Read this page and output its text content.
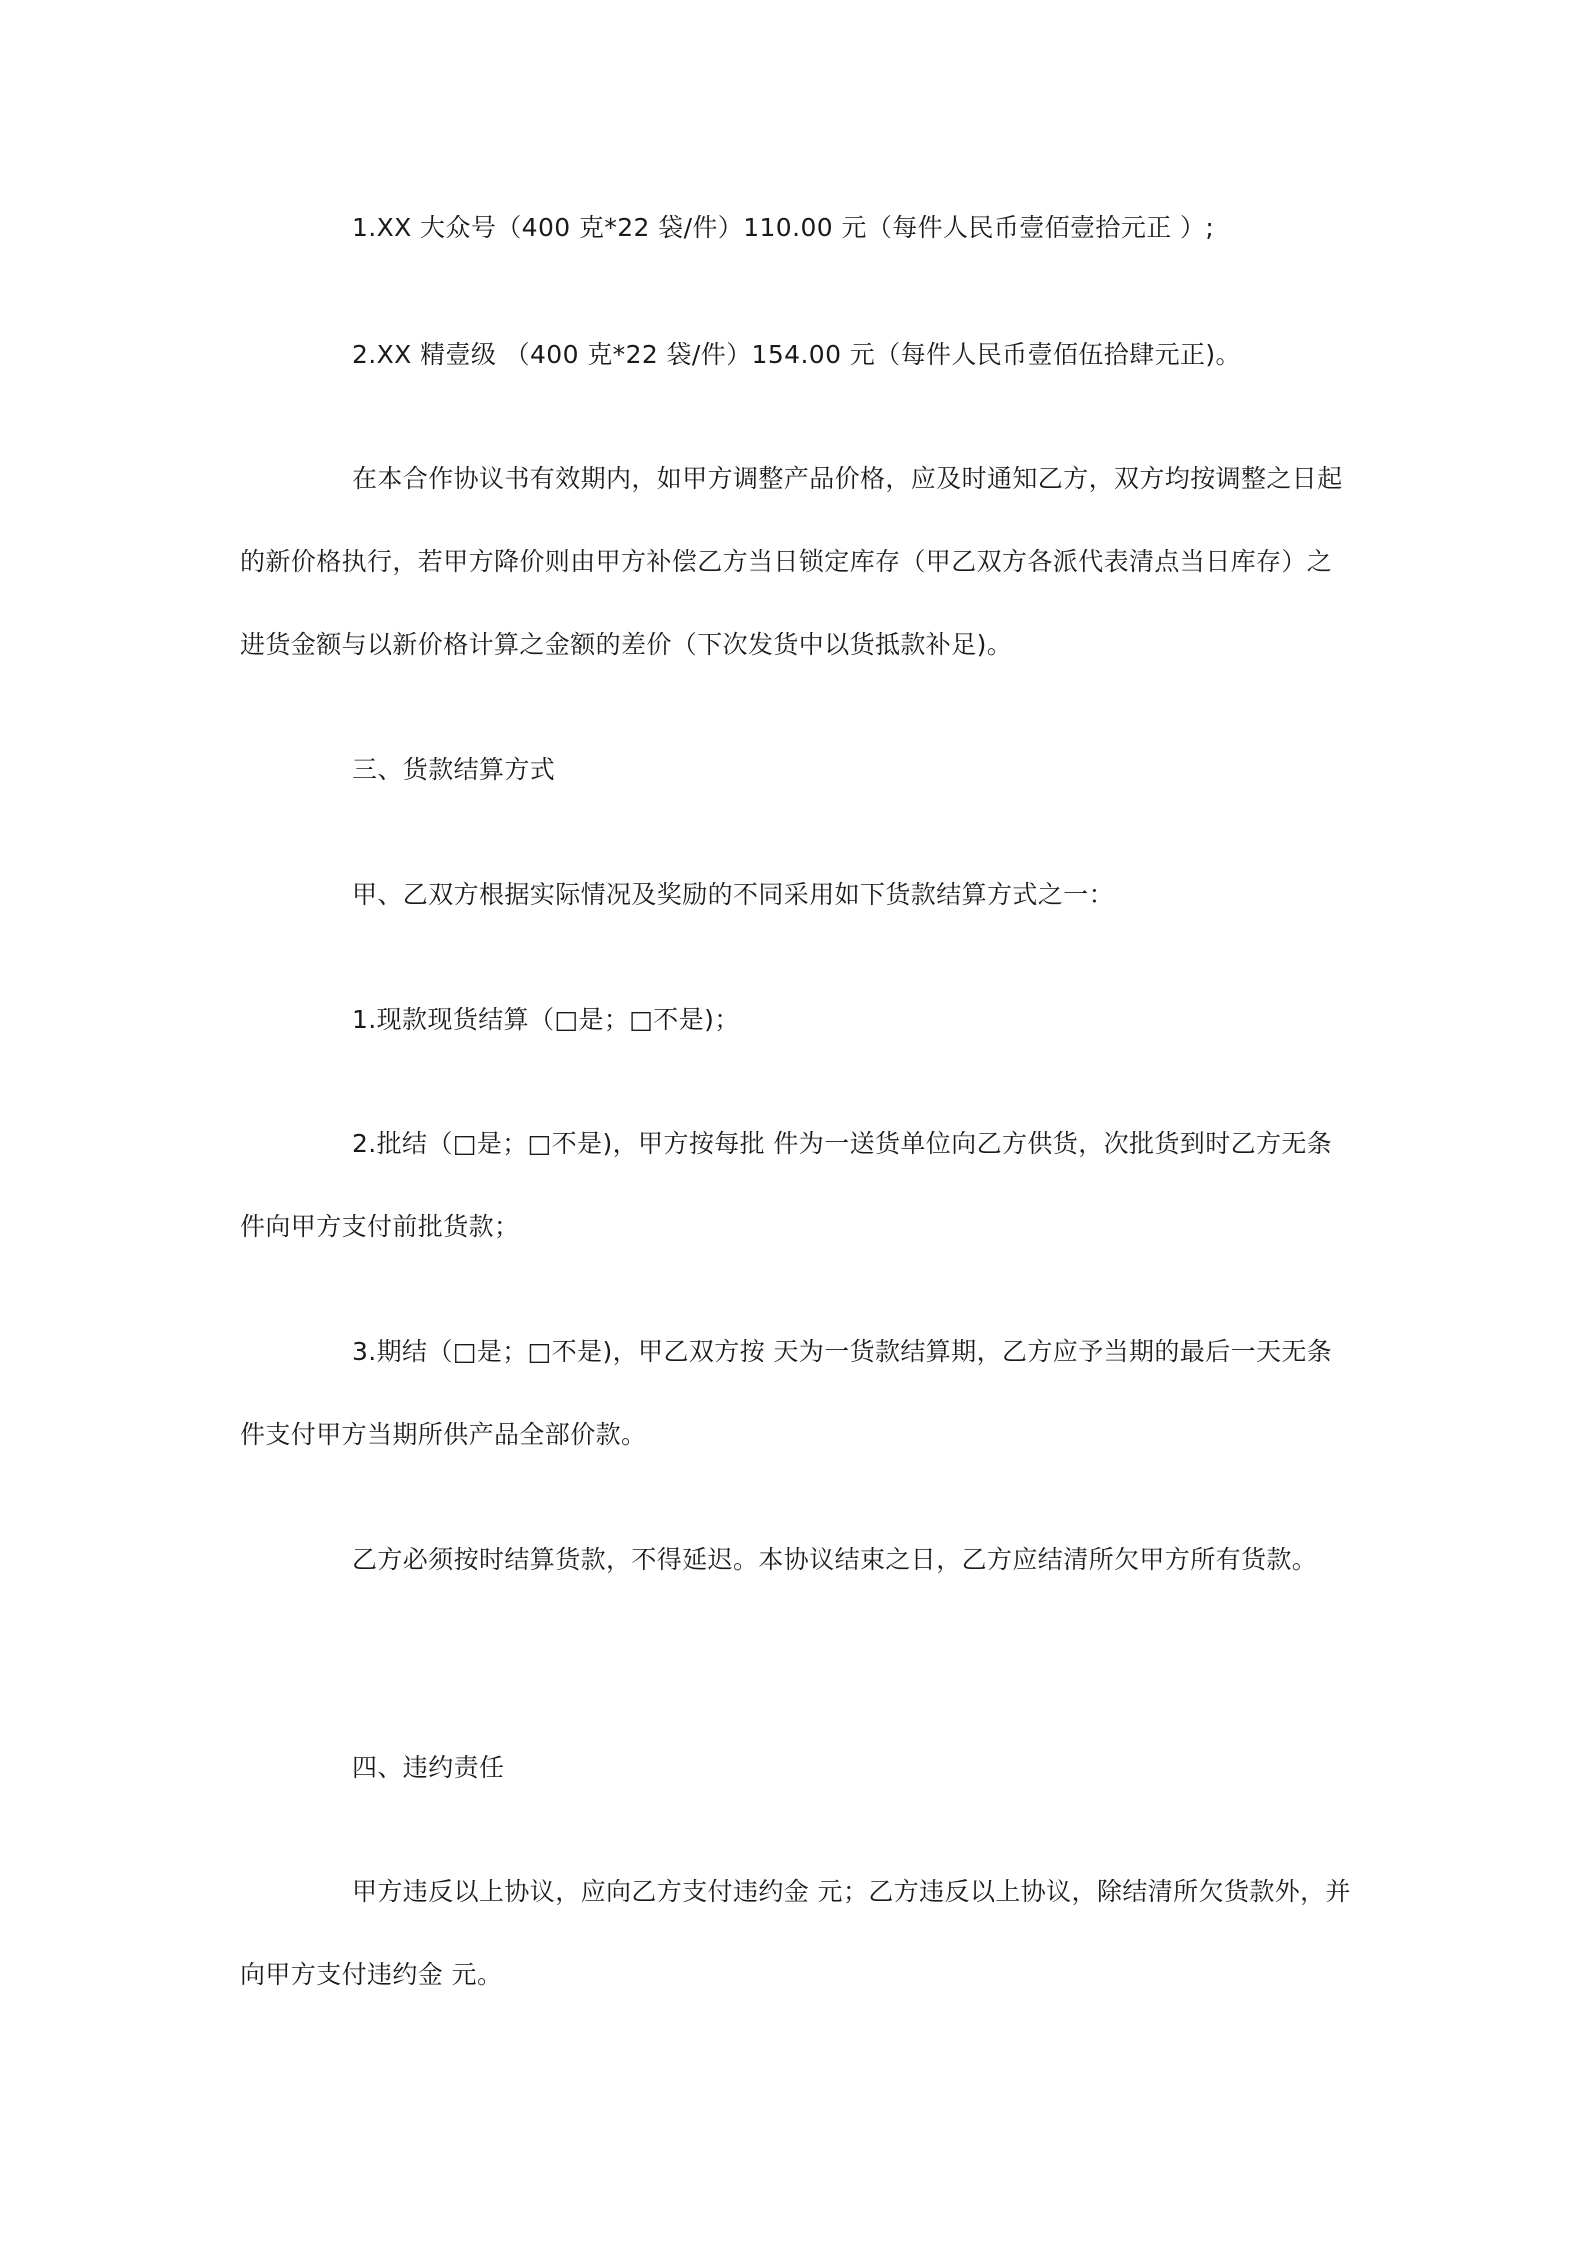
1.XX 大众号（400 克*22 袋/件）110.00 元（每件人民币壹佰壹拾元正 ）;

2.XX 精壹级 （400 克*22 袋/件）154.00 元（每件人民币壹佰伍拾肆元正)。

在本合作协议书有效期内，如甲方调整产品价格，应及时通知乙方，双方均按调整之日起的新价格执行，若甲方降价则由甲方补偿乙方当日锁定库存（甲乙双方各派代表清点当日库存）之进货金额与以新价格计算之金额的差价（下次发货中以货抵款补足)。

三、货款结算方式

甲、乙双方根据实际情况及奖励的不同采用如下货款结算方式之一：

1.现款现货结算（□是；□不是)；

2.批结（□是；□不是)，甲方按每批 件为一送货单位向乙方供货，次批货到时乙方无条件向甲方支付前批货款；

3.期结（□是；□不是)，甲乙双方按 天为一货款结算期，乙方应予当期的最后一天无条件支付甲方当期所供产品全部价款。

乙方必须按时结算货款，不得延迟。本协议结束之日，乙方应结清所欠甲方所有货款。

四、违约责任

甲方违反以上协议，应向乙方支付违约金 元；乙方违反以上协议，除结清所欠货款外，并向甲方支付违约金 元。
